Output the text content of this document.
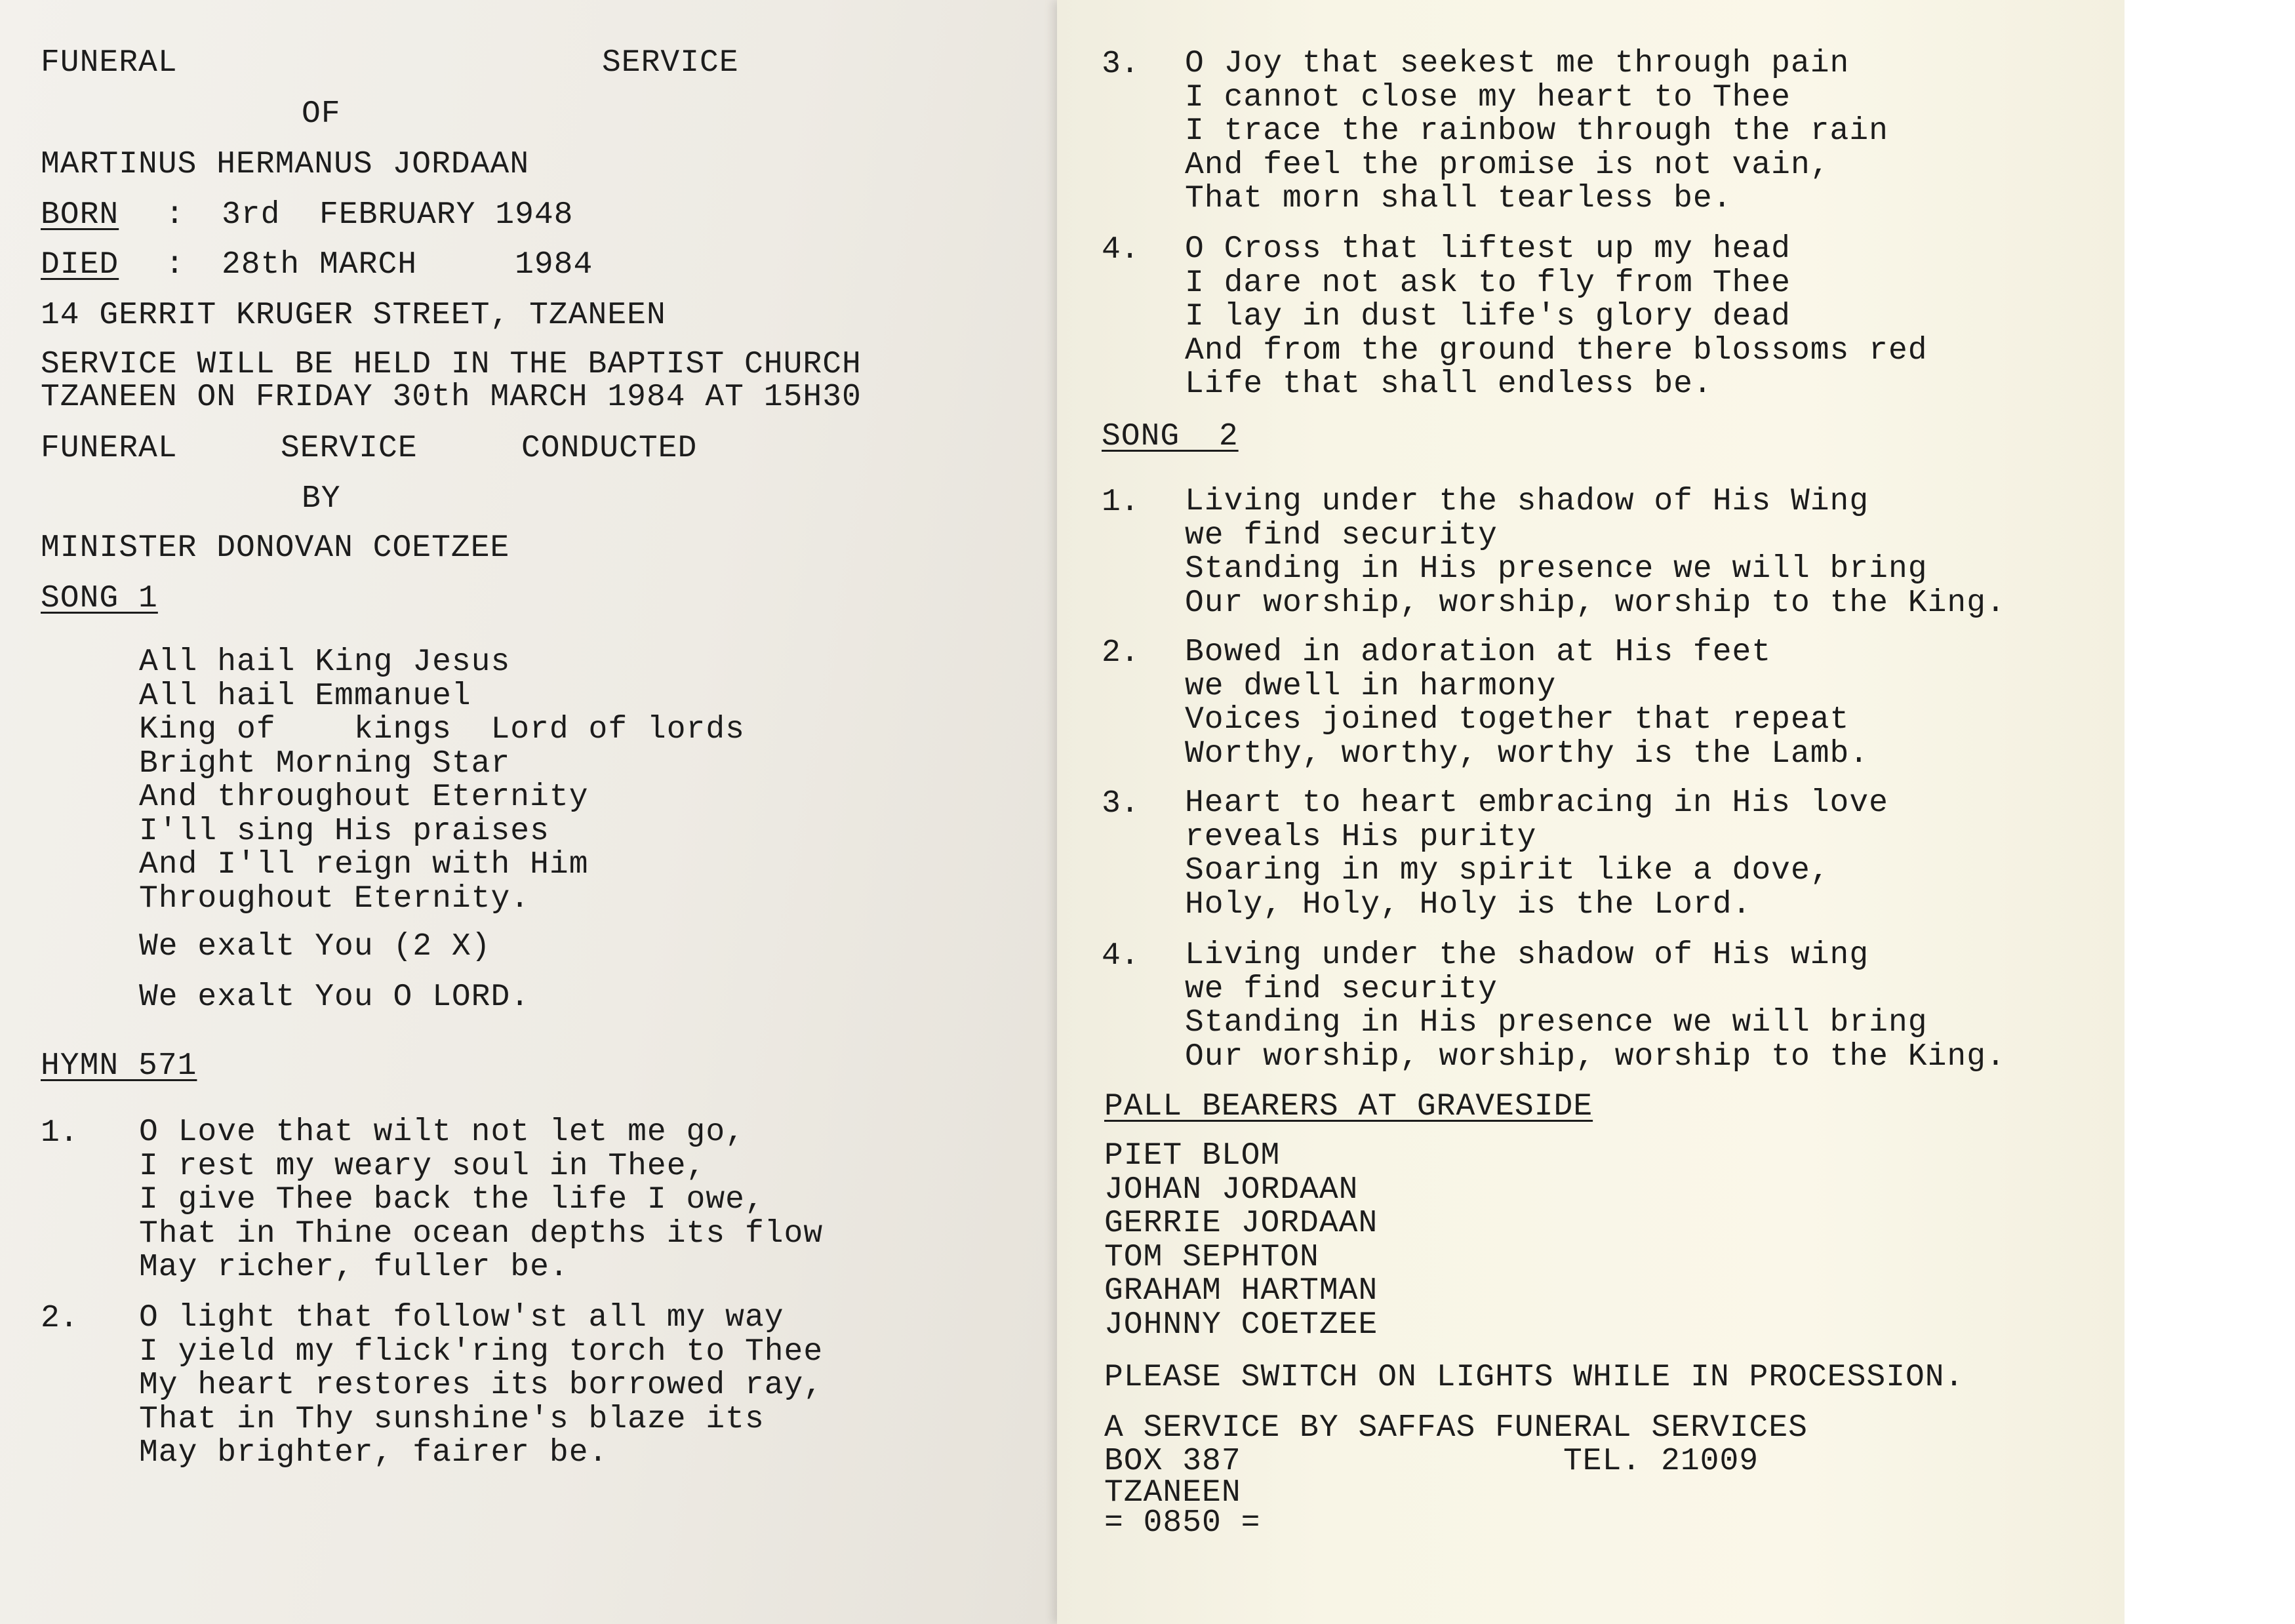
FUNERAL	SERVICE
OF
MARTINUS HERMANUS JORDAAN
BORN : 3rd  FEBRUARY 1948
DIED : 28th MARCH     1984
14 GERRIT KRUGER STREET, TZANEEN
SERVICE WILL BE HELD IN THE BAPTIST CHURCH
TZANEEN ON FRIDAY 30th MARCH 1984 AT 15H30
FUNERAL	SERVICE	CONDUCTED
BY
MINISTER DONOVAN COETZEE
SONG 1
All hail King Jesus
All hail Emmanuel
King of    kings  Lord of lords
Bright Morning Star
And throughout Eternity
I'll sing His praises
And I'll reign with Him
Throughout Eternity.
We exalt You (2 X)
We exalt You O LORD.
HYMN 571
1. O Love that wilt not let me go,
I rest my weary soul in Thee,
I give Thee back the life I owe,
That in Thine ocean depths its flow
May richer, fuller be.
2. O light that follow'st all my way
I yield my flick'ring torch to Thee
My heart restores its borrowed ray,
That in Thy sunshine's blaze its
May brighter, fairer be.
3. O Joy that seekest me through pain
I cannot close my heart to Thee
I trace the rainbow through the rain
And feel the promise is not vain,
That morn shall tearless be.
4. O Cross that liftest up my head
I dare not ask to fly from Thee
I lay in dust life's glory dead
And from the ground there blossoms red
Life that shall endless be.
SONG  2
1. Living under the shadow of His Wing
we find security
Standing in His presence we will bring
Our worship, worship, worship to the King.
2. Bowed in adoration at His feet
we dwell in harmony
Voices joined together that repeat
Worthy, worthy, worthy is the Lamb.
3. Heart to heart embracing in His love
reveals His purity
Soaring in my spirit like a dove,
Holy, Holy, Holy is the Lord.
4. Living under the shadow of His wing
we find security
Standing in His presence we will bring
Our worship, worship, worship to the King.
PALL BEARERS AT GRAVESIDE
PIET BLOM
JOHAN JORDAAN
GERRIE JORDAAN
TOM SEPHTON
GRAHAM HARTMAN
JOHNNY COETZEE
PLEASE SWITCH ON LIGHTS WHILE IN PROCESSION.
A SERVICE BY SAFFAS FUNERAL SERVICES
BOX 387	TEL. 21009
TZANEEN
= 0850 =
